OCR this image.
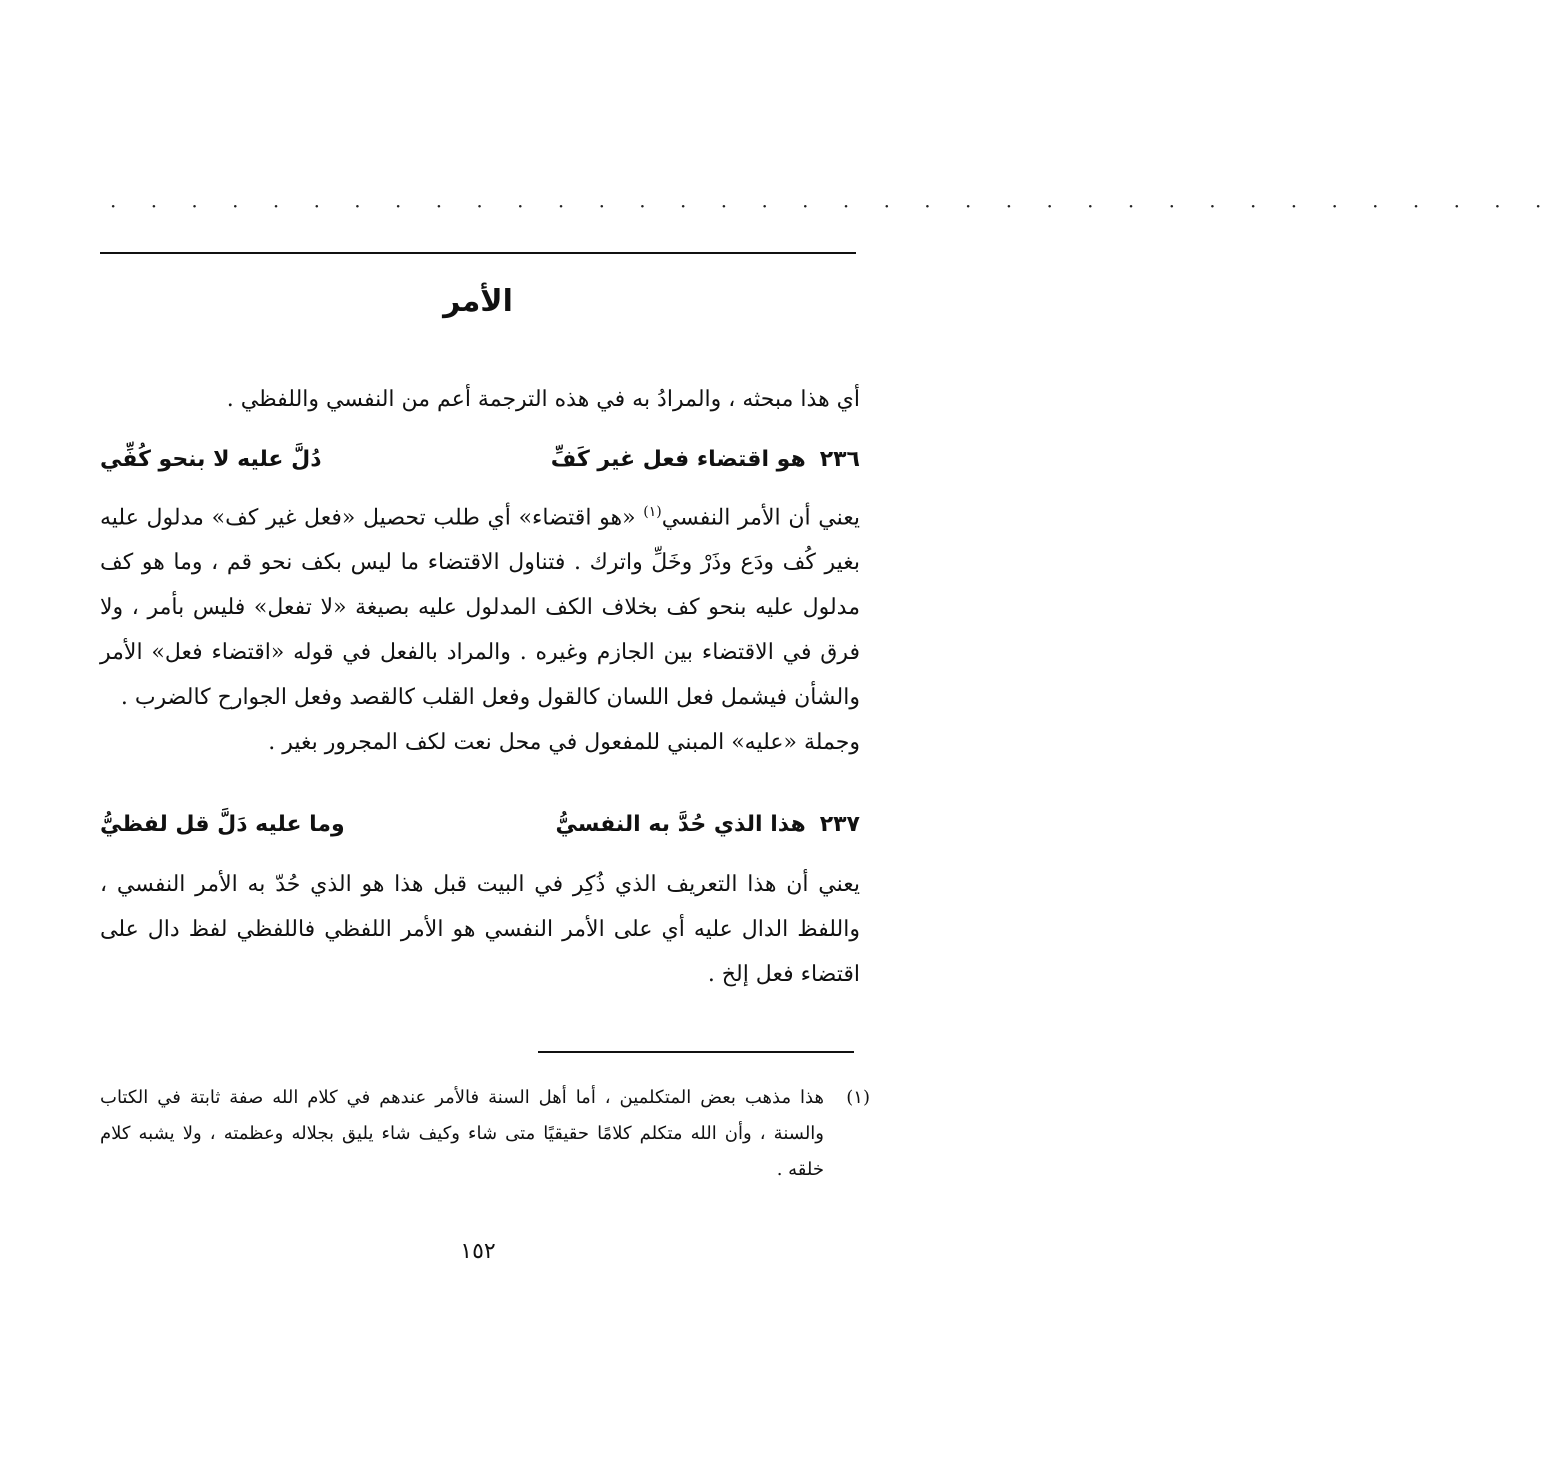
· · · · · · · · · · · · · · · · · · · · · · · · · · · · · · · · · · · ·
الأمر

أي هذا مبحثه ، والمرادُ به في هذه الترجمة أعم من النفسي واللفظي .

٢٣٦
هو اقتضاء فعل غير كَفِّ
دُلَّ عليه لا بنحو كُفِّي

يعني أن الأمر النفسي$^{(١)}$ «هو اقتضاء» أي طلب تحصيل «فعل غير كف» مدلول عليه بغير كُف ودَع وذَرْ وخَلِّ واترك . فتناول الاقتضاء ما ليس بكف نحو قم ، وما هو كف مدلول عليه بنحو كف بخلاف الكف المدلول عليه بصيغة «لا تفعل» فليس بأمر ، ولا فرق في الاقتضاء بين الجازم وغيره . والمراد بالفعل في قوله «اقتضاء فعل» الأمر والشأن فيشمل فعل اللسان كالقول وفعل القلب كالقصد وفعل الجوارح كالضرب .

وجملة «عليه» المبني للمفعول في محل نعت لكف المجرور بغير .

٢٣٧
هذا الذي حُدَّ به النفسيُّ
وما عليه دَلَّ قل لفظيُّ

يعني أن هذا التعريف الذي ذُكِر في البيت قبل هذا هو الذي حُدّ به الأمر النفسي ، واللفظ الدال عليه أي على الأمر النفسي هو الأمر اللفظي فاللفظي لفظ دال على اقتضاء فعل إلخ .

(١)
هذا مذهب بعض المتكلمين ، أما أهل السنة فالأمر عندهم في كلام الله صفة ثابتة في الكتاب والسنة ، وأن الله متكلم كلامًا حقيقيًا متى شاء وكيف شاء يليق بجلاله وعظمته ، ولا يشبه كلام خلقه .
١٥٢
